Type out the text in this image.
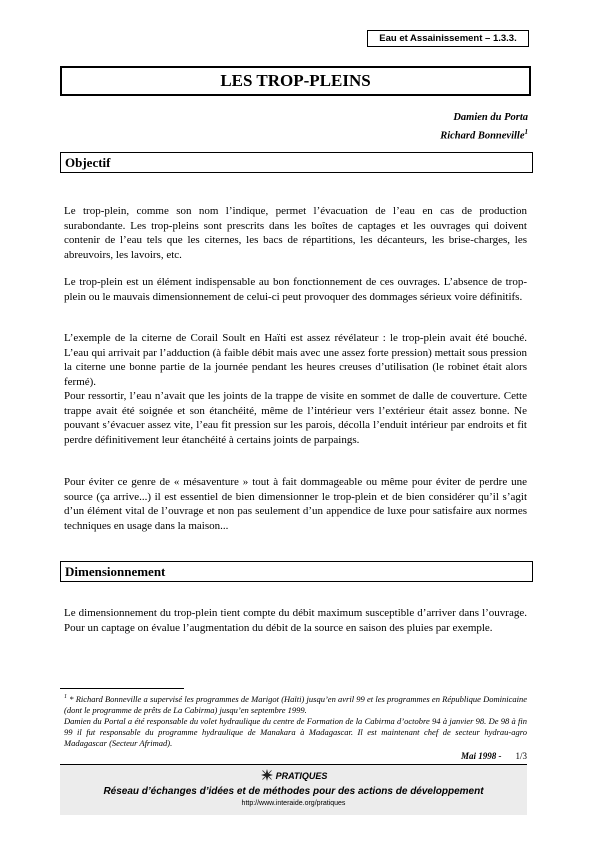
Eau et Assainissement – 1.3.3.
LES TROP-PLEINS
Damien du Porta
Richard Bonneville$^1$
Objectif

Le trop-plein, comme son nom l’indique, permet l’évacuation de l’eau en cas de production surabondante. Les trop-pleins sont prescrits dans les boîtes de captages et les ouvrages qui doivent contenir de l’eau tels que les citernes, les bacs de répartitions, les décanteurs, les brise-charges, les abreuvoirs, les lavoirs, etc.

Le trop-plein est un élément indispensable au bon fonctionnement de ces ouvrages. L’absence de trop-plein ou le mauvais dimensionnement de celui-ci peut provoquer des dommages sérieux voire définitifs.

L’exemple de la citerne de Corail Soult en Haïti est assez révélateur : le trop-plein avait été bouché. L’eau qui arrivait par l’adduction (à faible débit mais avec une assez forte pression) mettait sous pression la citerne une bonne partie de la journée pendant les heures creuses d’utilisation (le robinet était alors fermé).

Pour ressortir, l’eau n’avait que les joints de la trappe de visite en sommet de dalle de couverture. Cette trappe avait été soignée et son étanchéité, même de l’intérieur vers l’extérieur était assez bonne. Ne pouvant s’évacuer assez vite, l’eau fit pression sur les parois, décolla l’enduit intérieur par endroits et fit perdre définitivement leur étanchéité à certains joints de parpaings.

Pour éviter ce genre de « mésaventure » tout à fait dommageable ou même pour éviter de perdre une source (ça arrive...) il est essentiel de bien dimensionner le trop-plein et de bien considérer qu’il s’agit d’un élément vital de l’ouvrage et non pas seulement d’un appendice de luxe pour satisfaire aux normes techniques en usage dans la maison...

Dimensionnement

Le dimensionnement du trop-plein tient compte du débit maximum susceptible d’arriver dans l’ouvrage. Pour un captage on évalue l’augmentation du débit de la source en saison des pluies par exemple.

$^1$ * Richard Bonneville a supervisé les programmes de Marigot (Haïti) jusqu’en avril 99 et les programmes en République Dominicaine (dont le programme de prêts de La Cabirma) jusqu’en septembre 1999.
Damien du Portal a été responsable du volet hydraulique du centre de Formation de la Cabirma d’octobre 94 à janvier 98. De 98 à fin 99 il fut responsable du programme hydraulique de Manakara à Madagascar. Il est maintenant chef de secteur hydrau-agro Madagascar (Secteur Afrimad).

Mai 1998 - 1/3
PRATIQUES
Réseau d’échanges d’idées et de méthodes pour des actions de développement
http://www.interaide.org/pratiques
